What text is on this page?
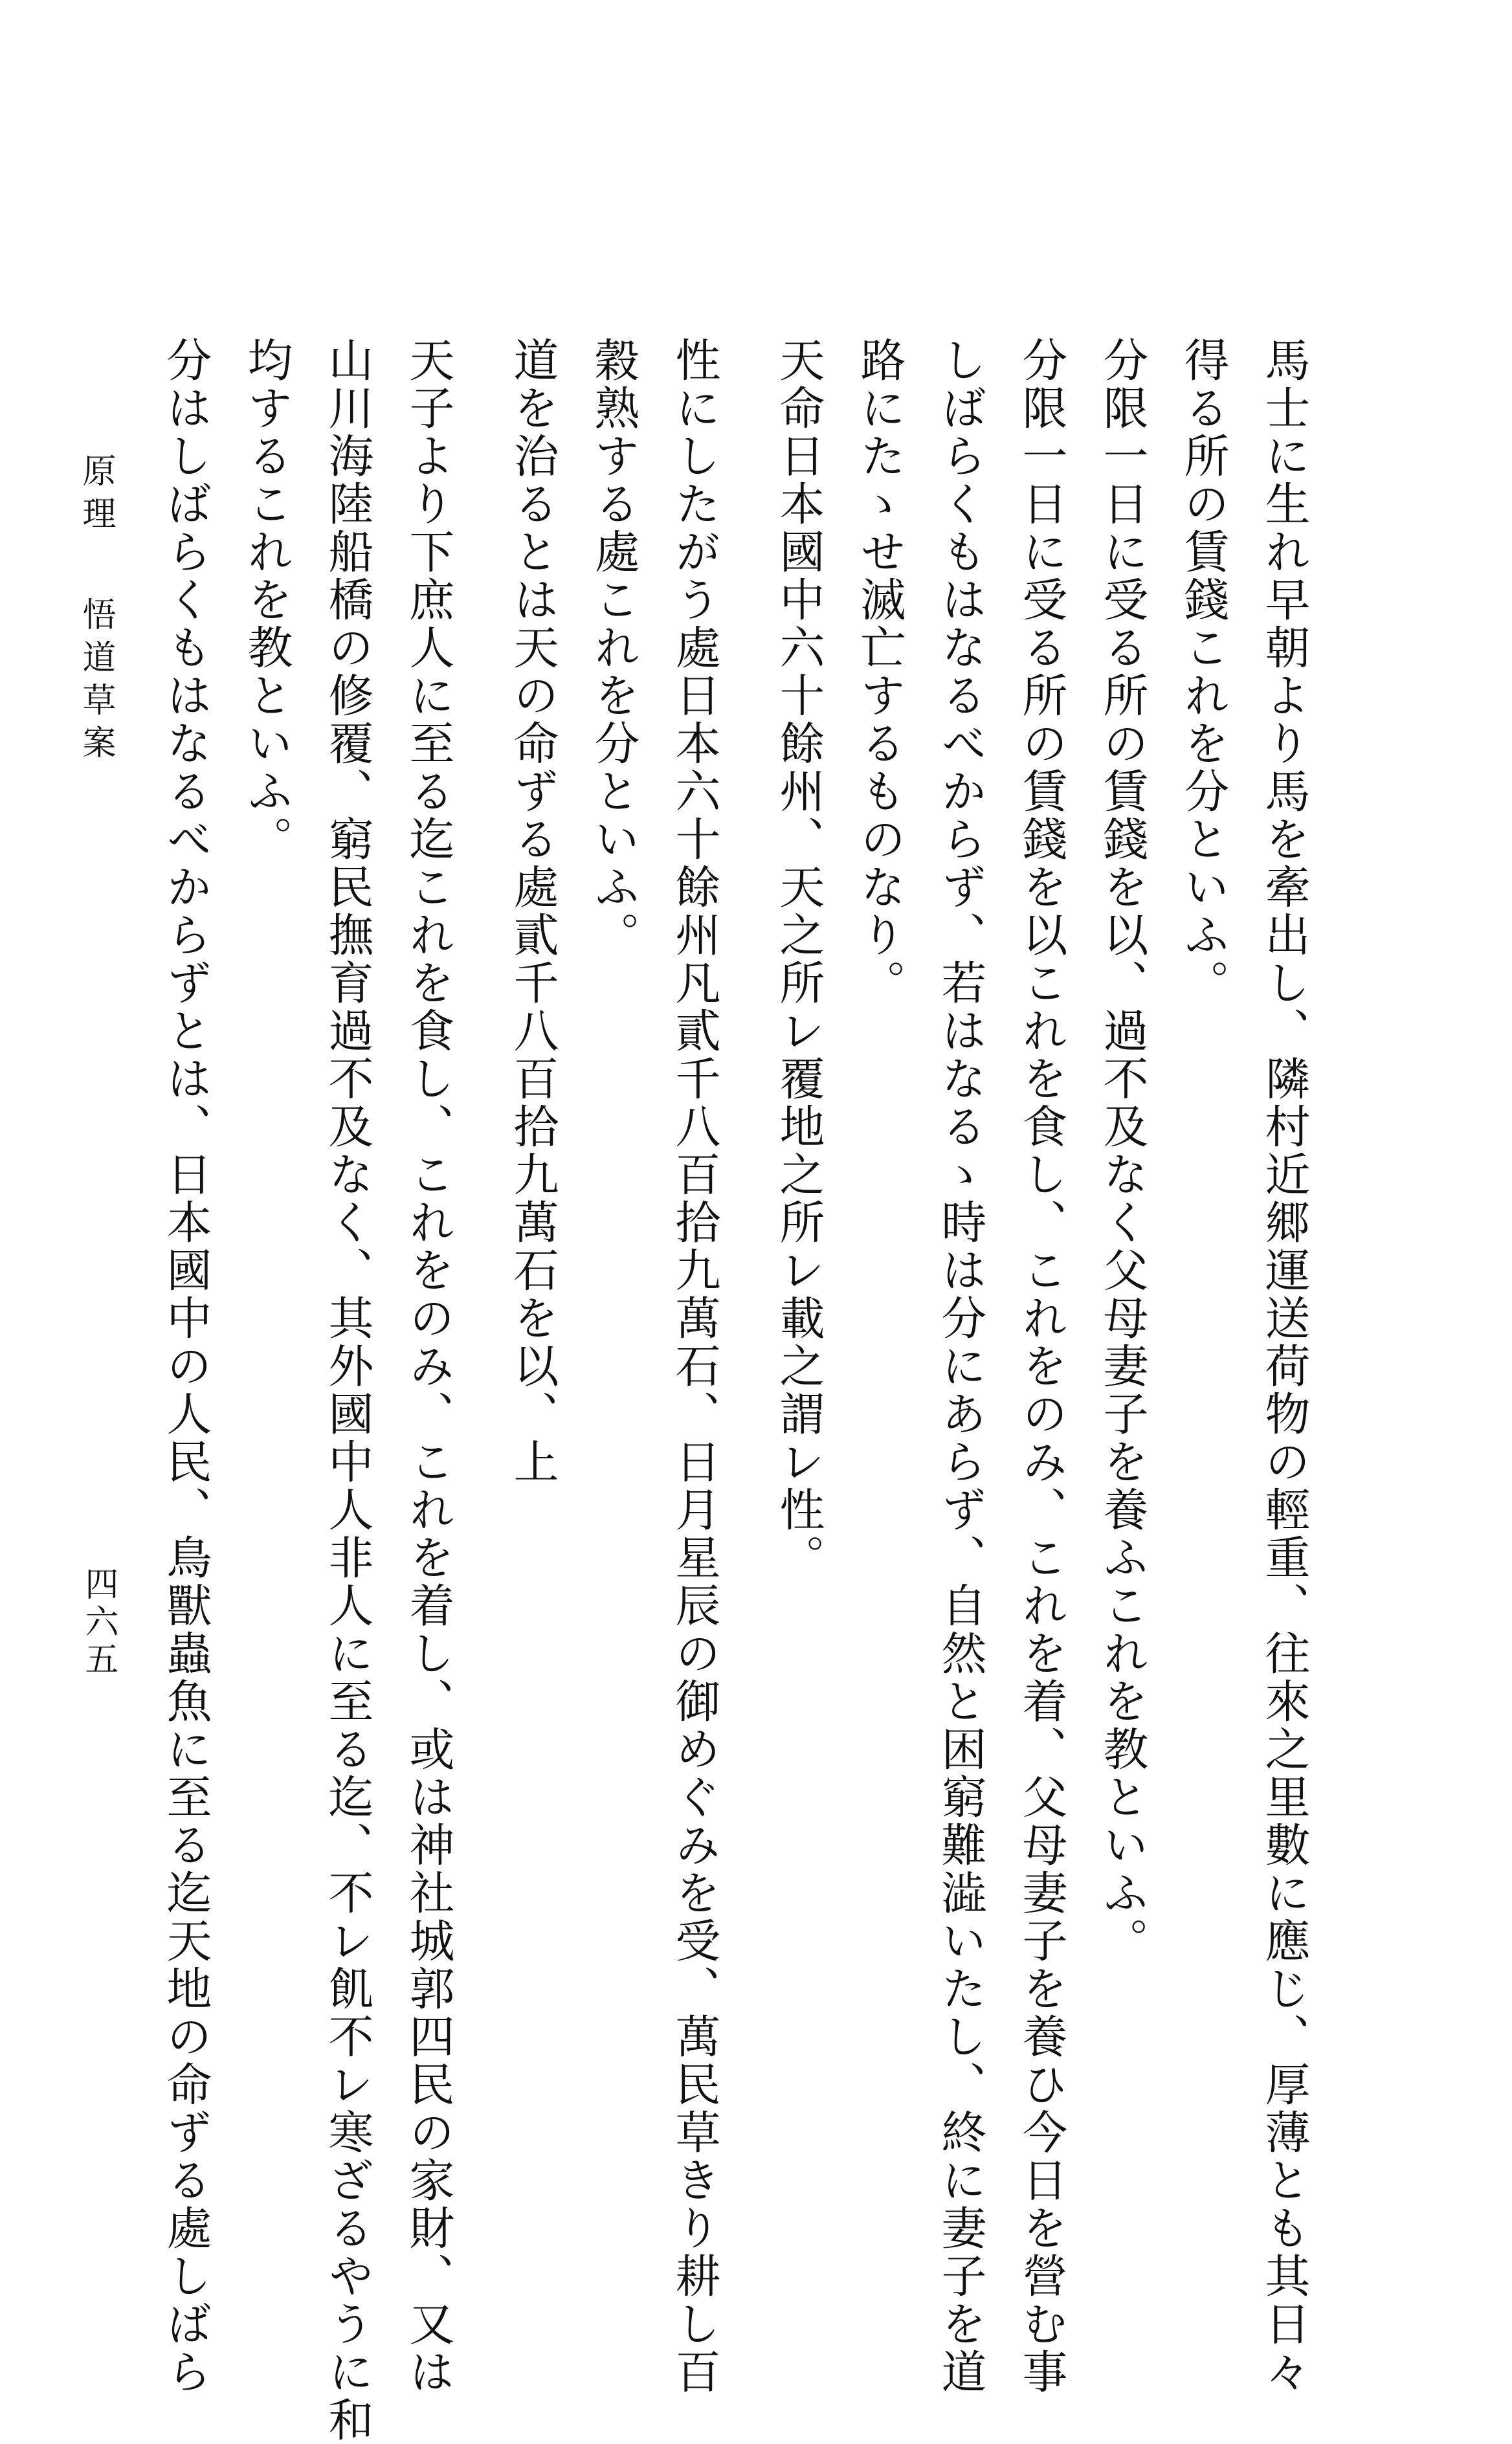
馬士に生れ早朝より馬を牽出し、隣村近郷運送荷物の輕重、往來之里數に應じ、厚薄とも其日々
得る所の賃錢これを分といふ。
分限一日に受る所の賃錢を以、過不及なく父母妻子を養ふこれを教といふ。
分限一日に受る所の賃錢を以これを食し、これをのみ、これを着、父母妻子を養ひ今日を營む事
しばらくもはなるべからず、若はなるゝ時は分にあらず、自然と困窮難澁いたし、終に妻子を道
路にたゝせ滅亡するものなり。
天命日本國中六十餘州、天之所レ覆地之所レ載之謂レ性。
性にしたがう處日本六十餘州凡貳千八百拾九萬石、日月星辰の御めぐみを受、萬民草きり耕し百
穀熟する處これを分といふ。
道を治るとは天の命ずる處貳千八百拾九萬石を以、上
天子より下庶人に至る迄これを食し、これをのみ、これを着し、或は神社城郭四民の家財、又は
山川海陸船橋の修覆、窮民撫育過不及なく、其外國中人非人に至る迄、不レ飢不レ寒ざるやうに和
均するこれを教といふ。
分はしばらくもはなるべからずとは、日本國中の人民、鳥獸蟲魚に至る迄天地の命ずる處しばら
原理悟道草案
四六五
